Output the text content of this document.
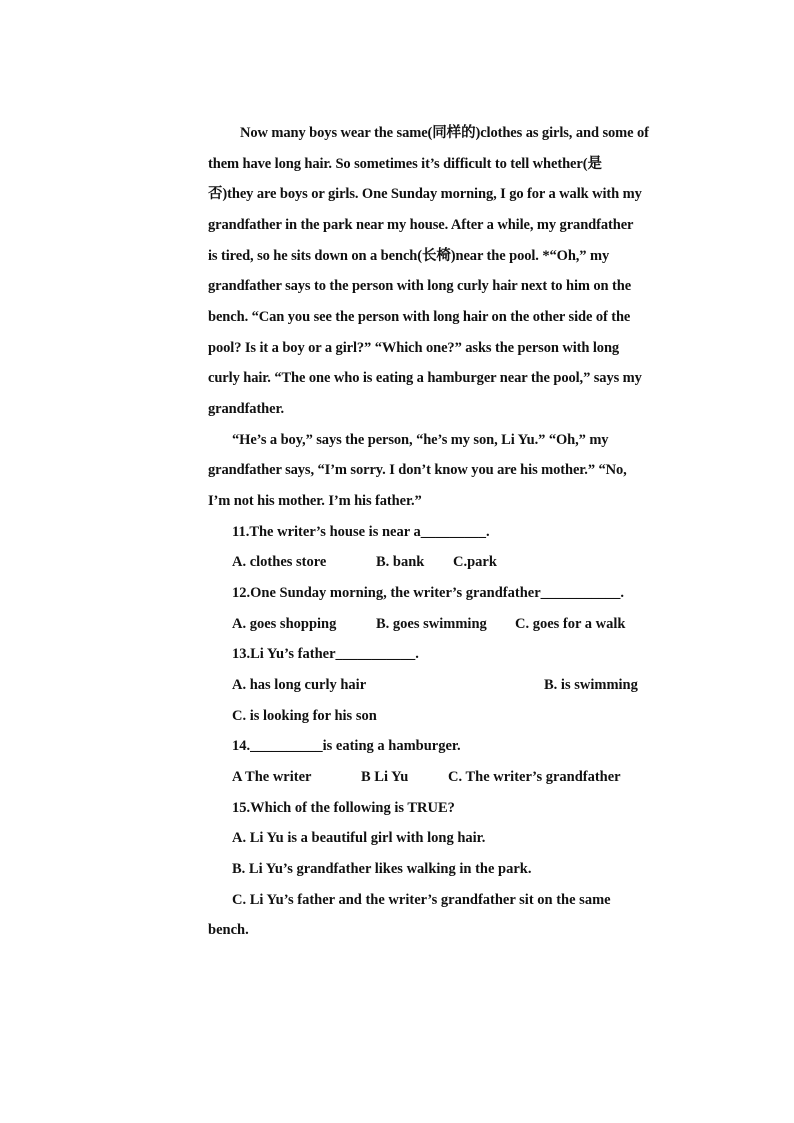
Now many boys wear the same(同样的)clothes as girls, and some of
them have long hair. So sometimes it’s difficult to tell whether(是
否)they are boys or girls. One Sunday morning, I go for a walk with my
grandfather in the park near my house. After a while, my grandfather
is tired, so he sits down on a bench(长椅)near the pool. *“Oh,” my
grandfather says to the person with long curly hair next to him on the
bench. “Can you see the person with long hair on the other side of the
pool? Is it a boy or a girl?” “Which one?” asks the person with long
curly hair. “The one who is eating a hamburger near the pool,” says my
grandfather.
“He’s a boy,” says the person, “he’s my son, Li Yu.” “Oh,” my
grandfather says, “I’m sorry. I don’t know you are his mother.” “No,
I’m not his mother. I’m his father.”
11.The writer’s house is near a_________.
A. clothes store	B. bank C.park
12.One Sunday morning, the writer’s grandfather___________.
A. goes shopping	B. goes swimming C. goes for a walk
13.Li Yu’s father___________.
A. has long curly hair	B. is swimming
C. is looking for his son
14.__________is eating a hamburger.
A The writer	B Li Yu	C. The writer’s grandfather
15.Which of the following is TRUE?
A. Li Yu is a beautiful girl with long hair.
B. Li Yu’s grandfather likes walking in the park.
C. Li Yu’s father and the writer’s grandfather sit on the same
bench.
